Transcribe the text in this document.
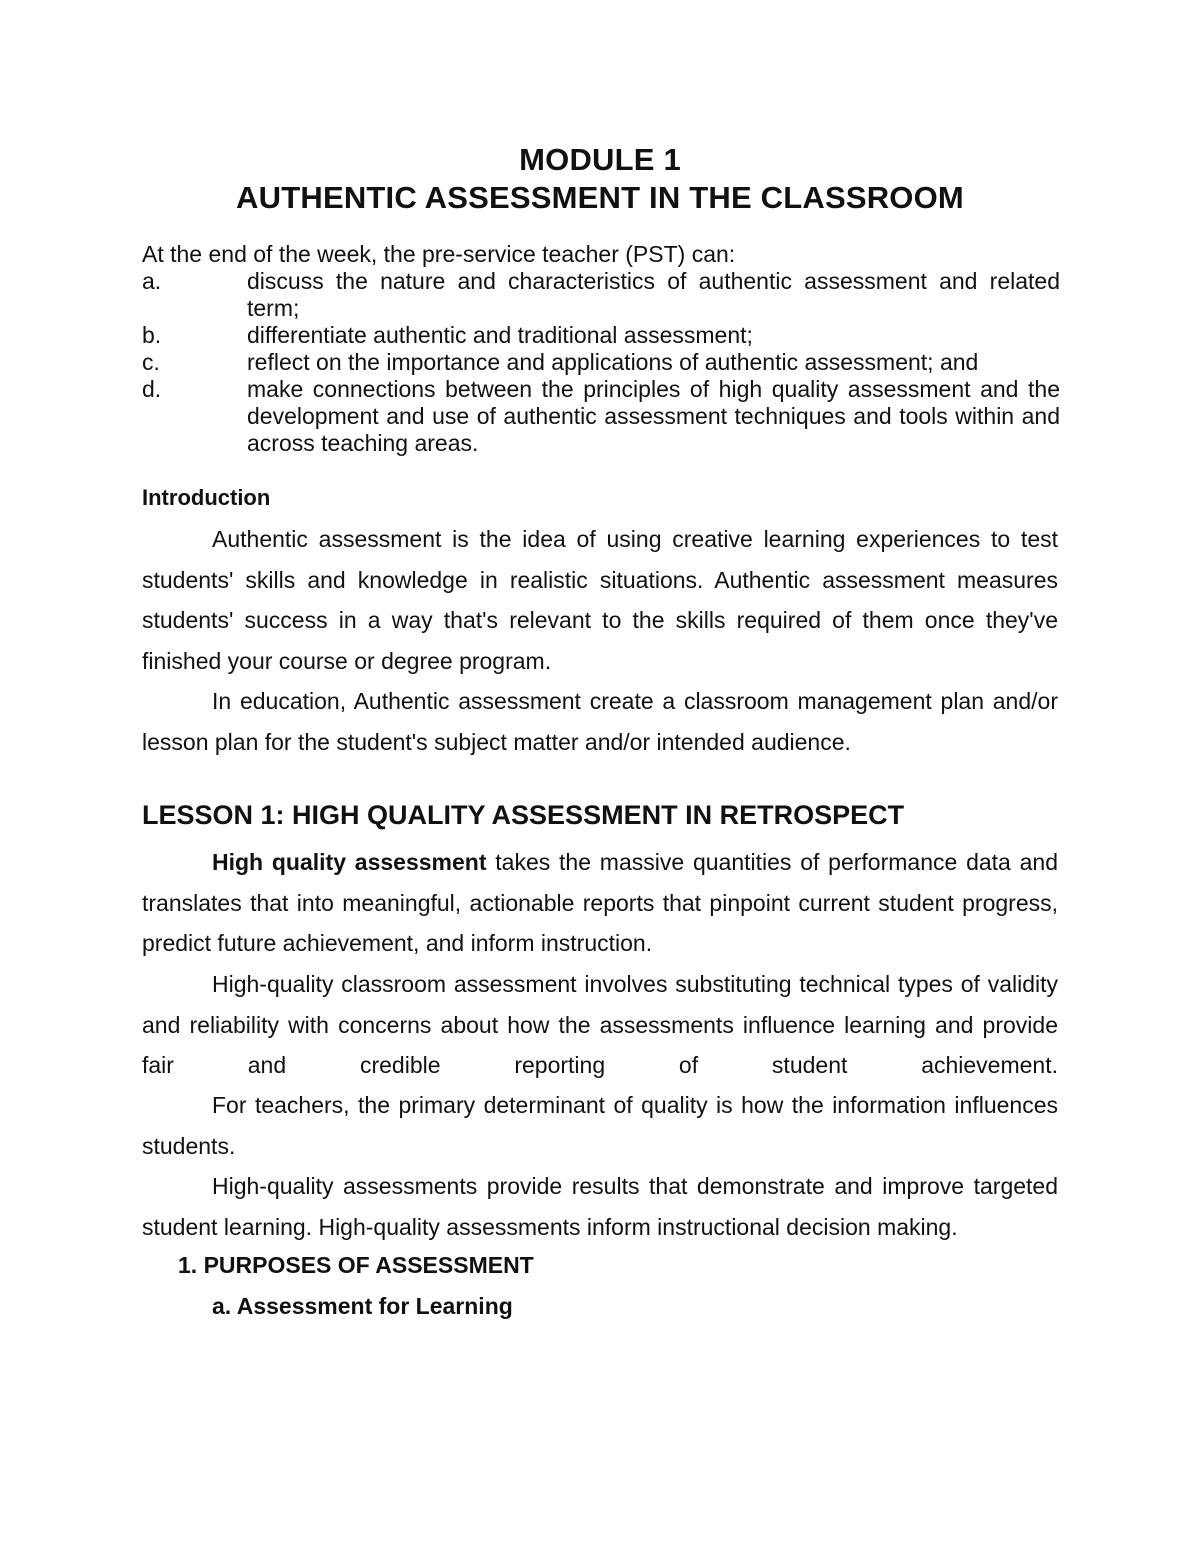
MODULE 1
AUTHENTIC ASSESSMENT IN THE CLASSROOM
At the end of the week, the pre-service teacher (PST) can:
a.	discuss the nature and characteristics of authentic assessment and related term;
b.	differentiate authentic and traditional assessment;
c.	reflect on the importance and applications of authentic assessment; and
d.	make connections between the principles of high quality assessment and the development and use of authentic assessment techniques and tools within and across teaching areas.
Introduction

Authentic assessment is the idea of using creative learning experiences to test students' skills and knowledge in realistic situations. Authentic assessment measures students' success in a way that's relevant to the skills required of them once they've finished your course or degree program.

In education, Authentic assessment create a classroom management plan and/or lesson plan for the student's subject matter and/or intended audience.

LESSON 1: HIGH QUALITY ASSESSMENT IN RETROSPECT

High quality assessment takes the massive quantities of performance data and translates that into meaningful, actionable reports that pinpoint current student progress, predict future achievement, and inform instruction.

High-quality classroom assessment involves substituting technical types of validity and reliability with concerns about how the assessments influence learning and provide fair and credible reporting of student achievement.

For teachers, the primary determinant of quality is how the information influences students.

High-quality assessments provide results that demonstrate and improve targeted student learning. High-quality assessments inform instructional decision making.

1. PURPOSES OF ASSESSMENT
a. Assessment for Learning
